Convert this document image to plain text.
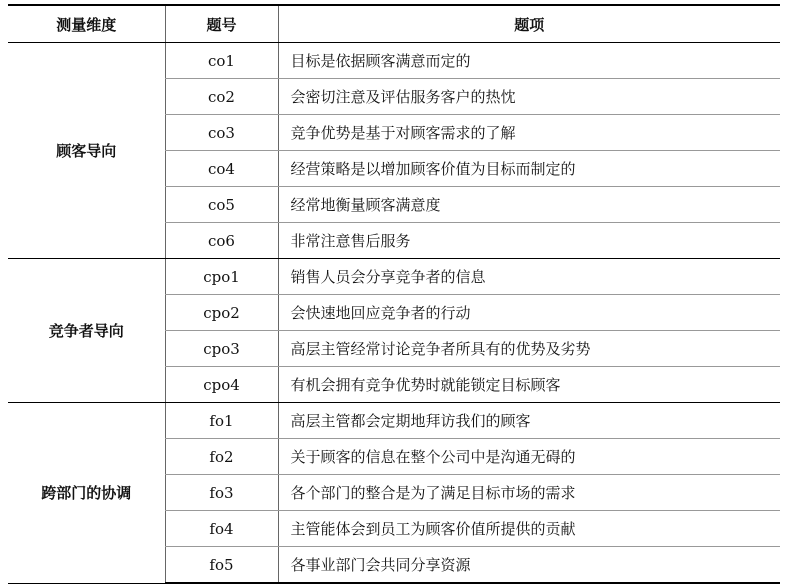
测量维度	题号	题项
顾客导向	co1	目标是依据顾客满意而定的
	co2	会密切注意及评估服务客户的热忱
	co3	竞争优势是基于对顾客需求的了解
	co4	经营策略是以增加顾客价值为目标而制定的
	co5	经常地衡量顾客满意度
	co6	非常注意售后服务
竞争者导向	cpo1	销售人员会分享竞争者的信息
	cpo2	会快速地回应竞争者的行动
	cpo3	高层主管经常讨论竞争者所具有的优势及劣势
	cpo4	有机会拥有竞争优势时就能锁定目标顾客
跨部门的协调	fo1	高层主管都会定期地拜访我们的顾客
	fo2	关于顾客的信息在整个公司中是沟通无碍的
	fo3	各个部门的整合是为了满足目标市场的需求
	fo4	主管能体会到员工为顾客价值所提供的贡献
	fo5	各事业部门会共同分享资源
